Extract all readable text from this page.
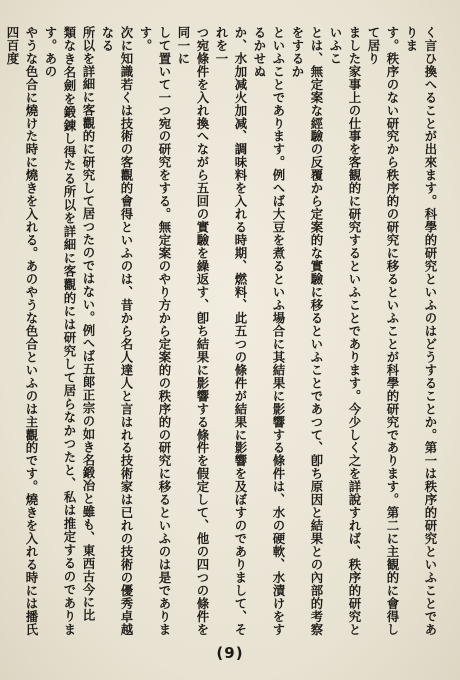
く言ひ換へることが出來ます。科學的研究といふのはどうすることか。第一は秩序的研究といふことでありま

す。秩序のない研究から秩序的の研究に移るといふことが科學的研究であります。第二に主観的に會得して居り

ました家事上の仕事を客観的に研究するといふことであります。今少しく之を詳說すれば、秩序的研究といふこ

とは、無定案な經驗の反覆から定案的な實驗に移るといふことであつて、卽ち原因と結果との內部的考察をするか

といふことであります。例へば大豆を煮るといふ場合に其結果に影響する條件は、水の硬軟、水漬けをするかせぬ

か、水加减火加减、調味料を入れる時期、燃料、此五つの條件が結果に影響を及ぼすのでありまして、それを一

つ宛條件を入れ換へながら五回の實驗を繰返す、卽ち結果に影響する條件を假定して、他の四つの條件を同一に

して置いて一つ宛の研究をする。無定案のやり方から定案的の秩序的の研究に移るといふのは是であります。

次に知識若くは技術の客觀的會得といふのは、昔から名人達人と言はれる技術家は已れの技術の優秀卓越なる

所以を詳細に客觀的に研究して居つたのではない。例へば五郞正宗の如き名鍛冶と雖も、東西古今に比

類なき名劍を鍛錬し得たる所以を詳細に客觀的には研究して居らなかつたと、私は推定するのであります。あの

やうな色合に燒けた時に燒きを入れる。あのやうな色合といふのは主觀的です。燒きを入れる時には播氏四百度

(9)
